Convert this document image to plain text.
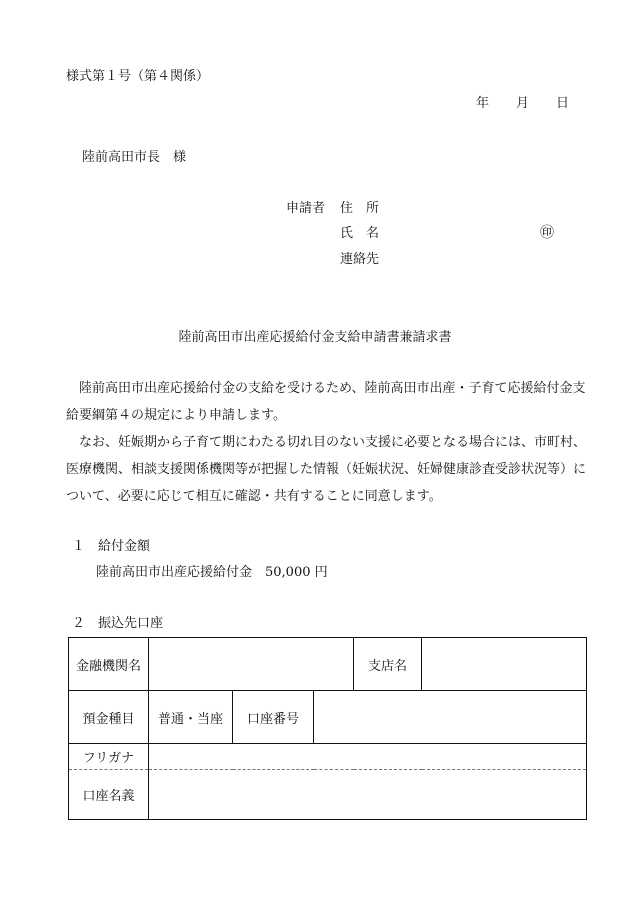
様式第１号（第４関係）
年 月 日
陸前高田市長　様
申請者 住　所
氏　名	㊞
連絡先
陸前高田市出産応援給付金支給申請書兼請求書
　陸前高田市出産応援給付金の支給を受けるため、陸前高田市出産・子育て応援給付金支給要綱第４の規定により申請します。
　なお、妊娠期から子育て期にわたる切れ目のない支援に必要となる場合には、市町村、医療機関、相談支援関係機関等が把握した情報（妊娠状況、妊婦健康診査受診状況等）について、必要に応じて相互に確認・共有することに同意します。
１　給付金額
陸前高田市出産応援給付金　50,000 円
２　振込先口座
金融機関名				支店名	
預金種目	普通・当座	口座番号			
フリガナ					
口座名義					
